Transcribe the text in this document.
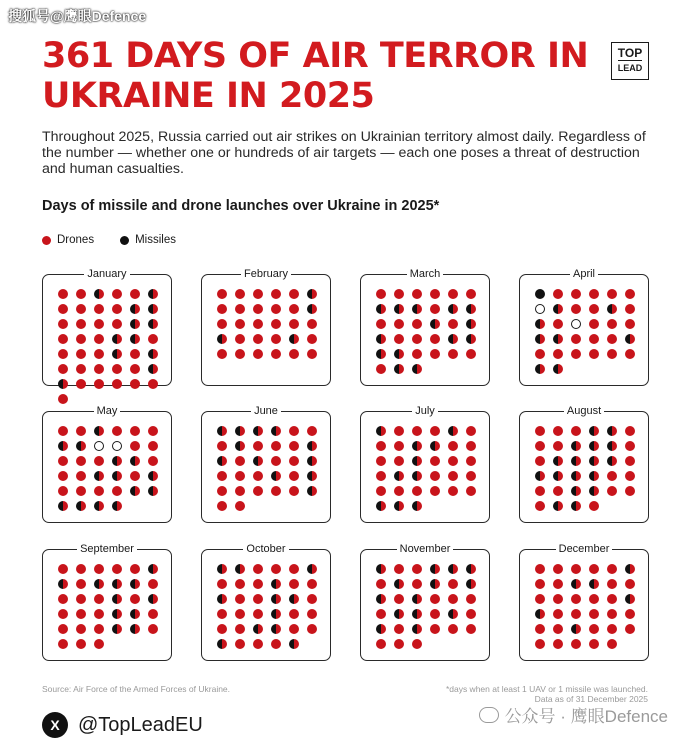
搜狐号@鹰眼Defence
361 DAYS OF AIR TERROR IN UKRAINE IN 2025
TOP
LEAD

Throughout 2025, Russia carried out air strikes on Ukrainian territory almost daily. Regardless of the number — whether one or hundreds of air targets — each one poses a threat of destruction and human casualties.

Days of missile and drone launches over Ukraine in 2025*
Drones	Missiles
January	February	March	April
May	June	July	August
September	October	November	December
Source: Air Force of the Armed Forces of Ukraine.	*days when at least 1 UAV or 1 missile was launched.
Data as of 31 December 2025
X @TopLeadEU	公众号 · 鹰眼Defence
